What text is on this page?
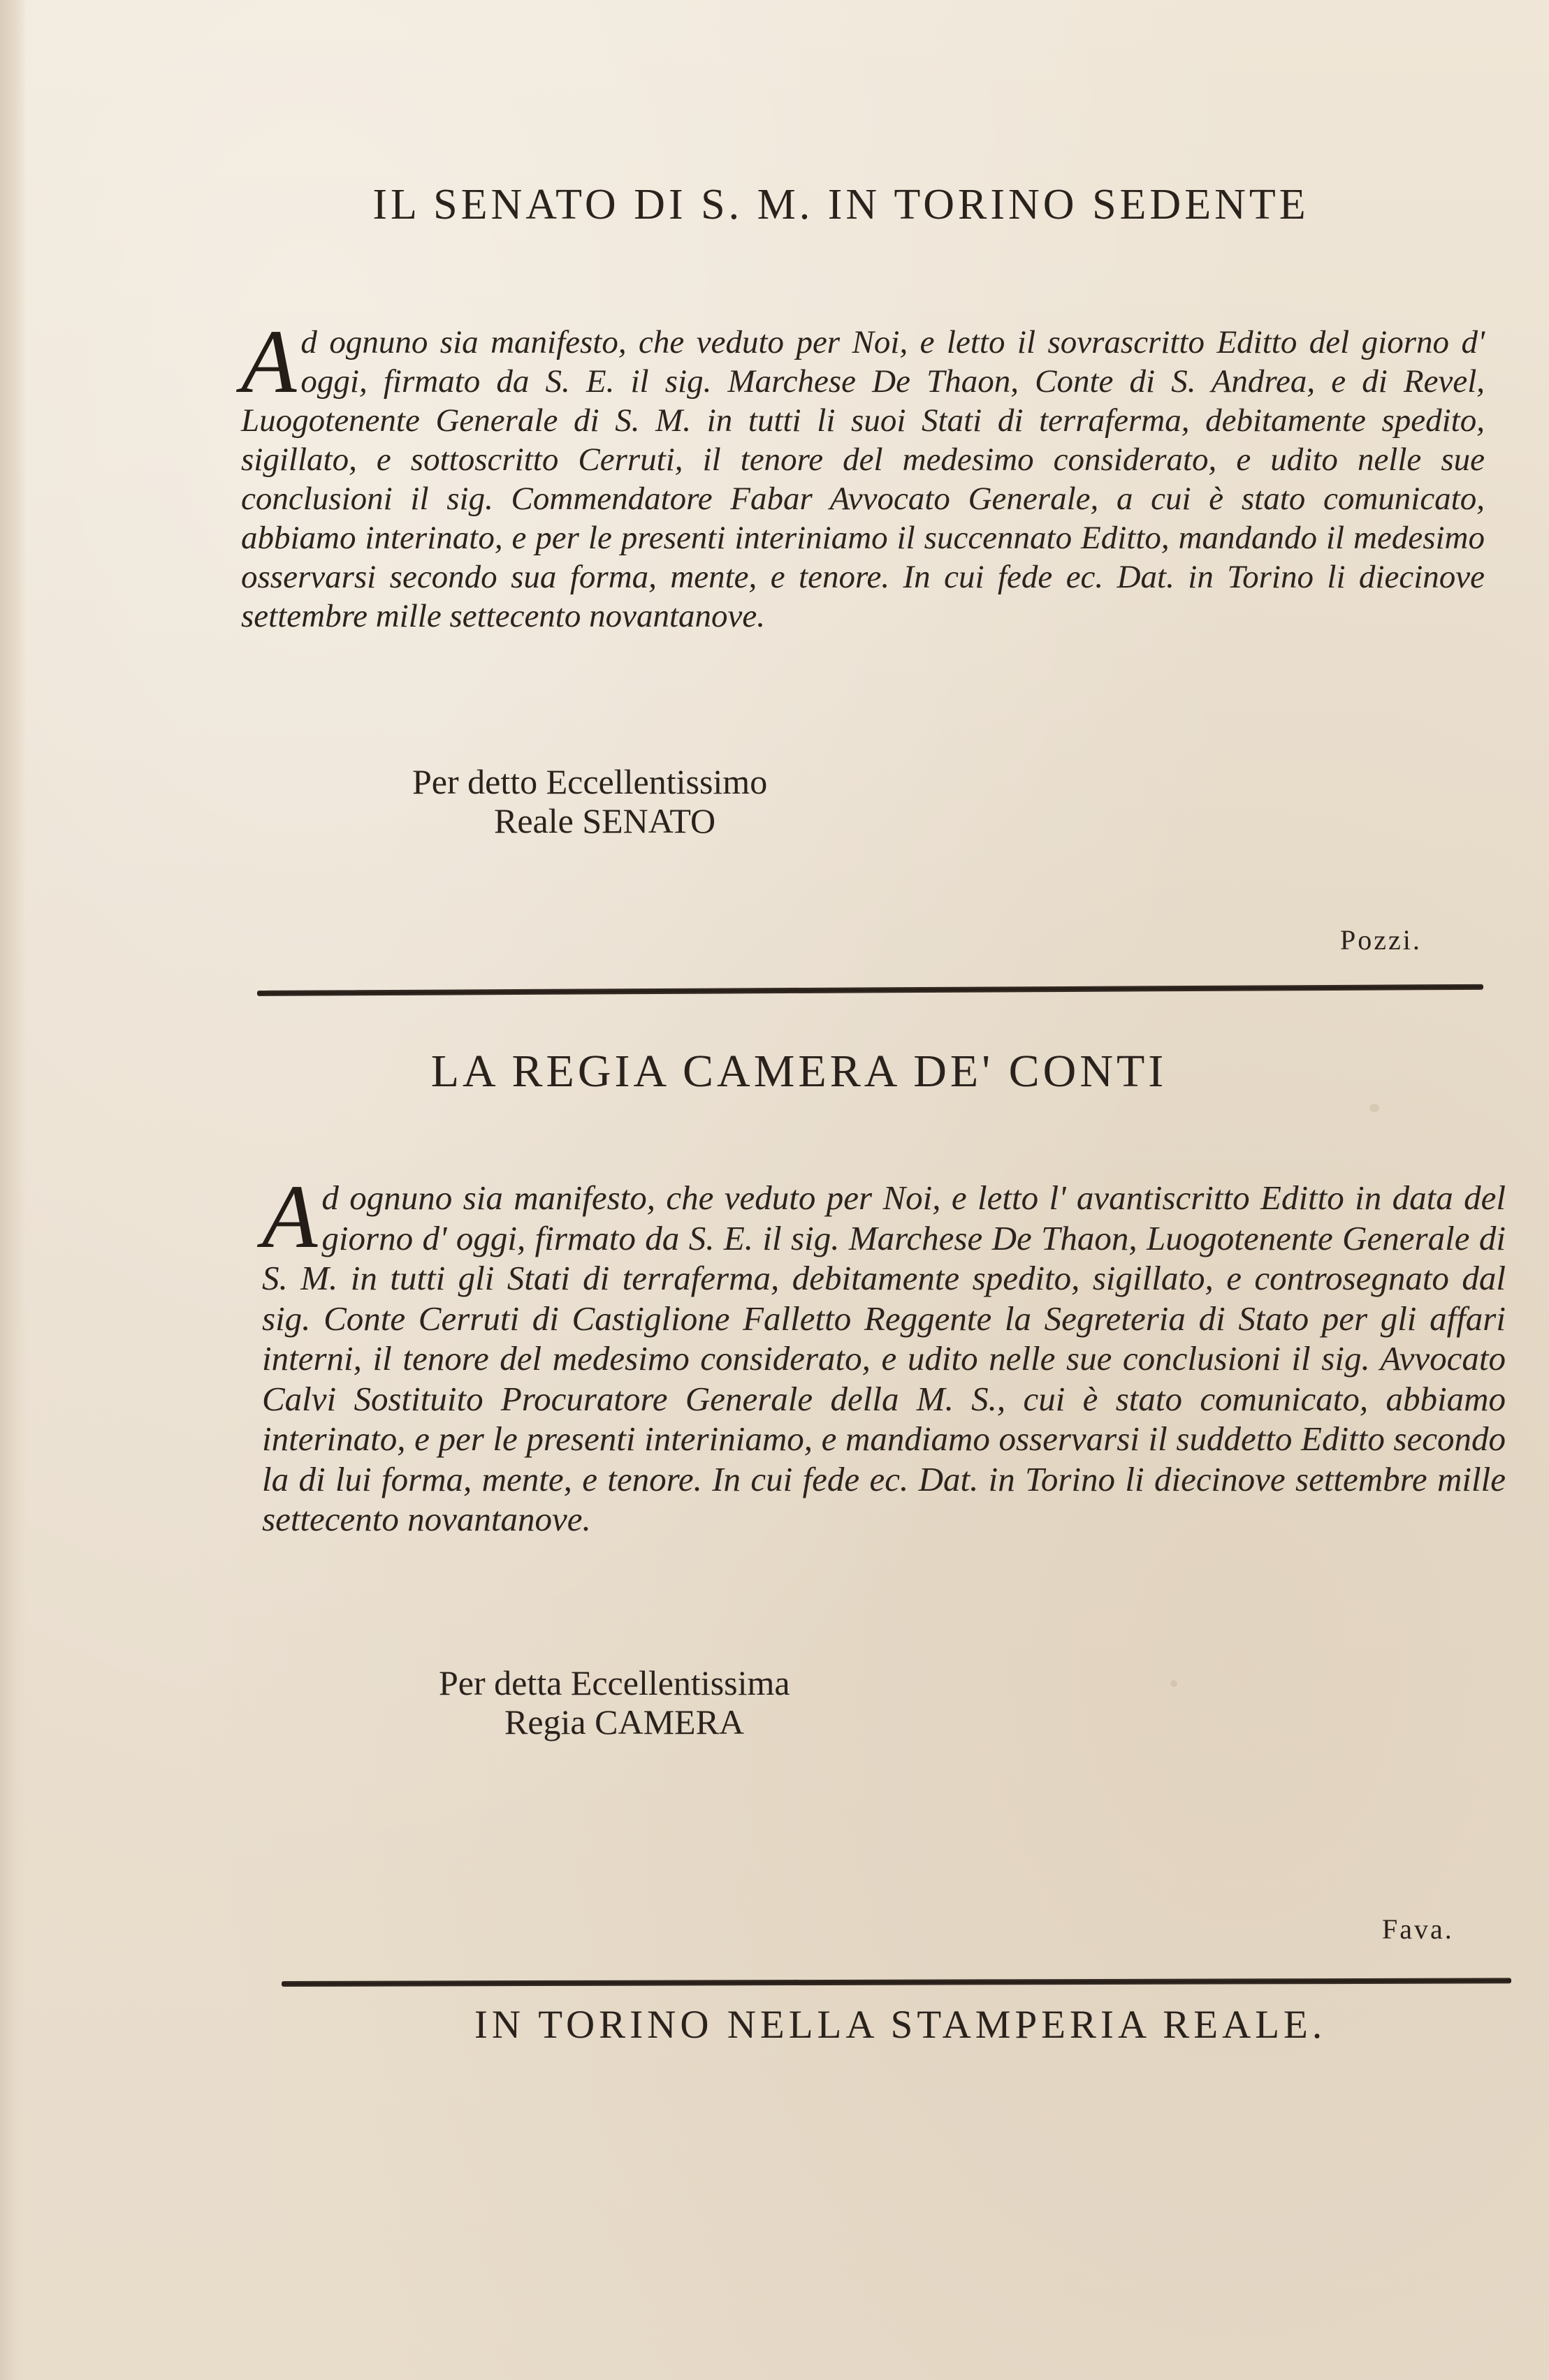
IL SENATO DI S. M. IN TORINO SEDENTE

Ad ognuno sia manifesto, che veduto per Noi, e letto il sovrascritto Editto del giorno d' oggi, firmato da S. E. il sig. Marchese De Thaon, Conte di S. Andrea, e di Revel, Luogotenente Generale di S. M. in tutti li suoi Stati di terraferma, debitamente spedito, sigillato, e sottoscritto Cerruti, il tenore del medesimo considerato, e udito nelle sue conclusioni il sig. Commendatore Fabar Avvocato Generale, a cui è stato comunicato, abbiamo interinato, e per le presenti interiniamo il succennato Editto, mandando il medesimo osservarsi secondo sua forma, mente, e tenore. In cui fede ec. Dat. in Torino li diecinove settembre mille settecento novantanove.

Per detto Eccellentissimo

Reale SENATO

Pozzi.

LA REGIA CAMERA DE' CONTI

Ad ognuno sia manifesto, che veduto per Noi, e letto l' avantiscritto Editto in data del giorno d' oggi, firmato da S. E. il sig. Marchese De Thaon, Luogotenente Generale di S. M. in tutti gli Stati di terraferma, debitamente spedito, sigillato, e controsegnato dal sig. Conte Cerruti di Castiglione Falletto Reggente la Segreteria di Stato per gli affari interni, il tenore del medesimo considerato, e udito nelle sue conclusioni il sig. Avvocato Calvi Sostituito Procuratore Generale della M. S., cui è stato comunicato, abbiamo interinato, e per le presenti interiniamo, e mandiamo osservarsi il suddetto Editto secondo la di lui forma, mente, e tenore. In cui fede ec. Dat. in Torino li diecinove settembre mille settecento novantanove.

Per detta Eccellentissima

Regia CAMERA

Fava.

IN TORINO NELLA STAMPERIA REALE.
